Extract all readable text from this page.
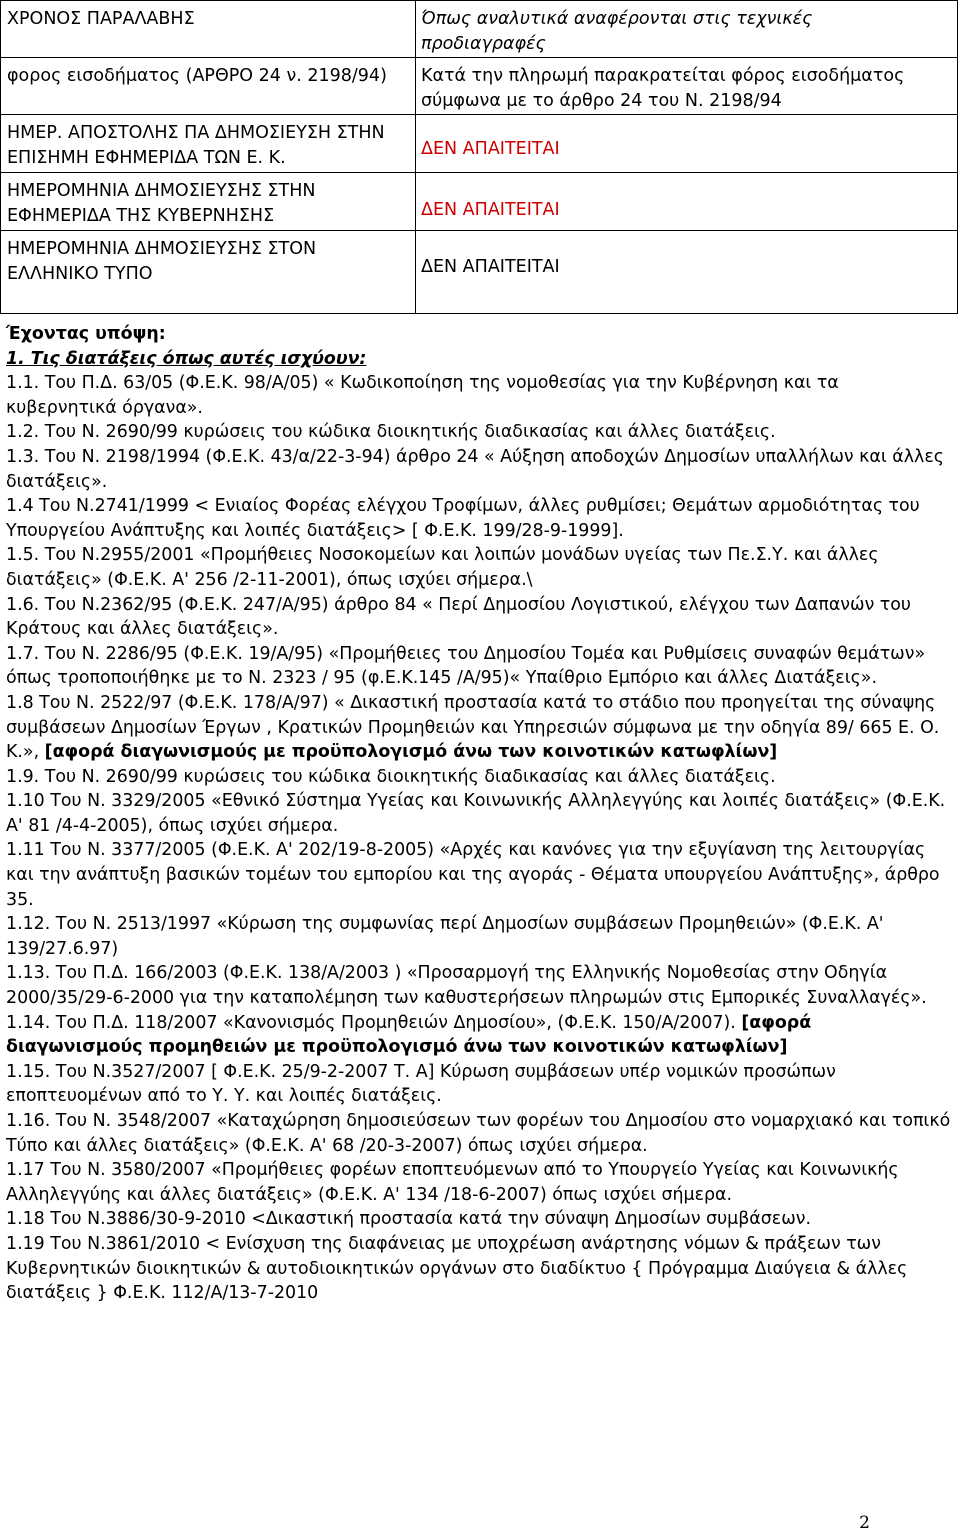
ΧΡΟΝΟΣ ΠΑΡΑΛΑΒΗΣ	Όπως αναλυτικά αναφέρονται στις τεχνικές
προδιαγραφές

φορος εισοδήματος (ΑΡΘΡΟ 24 ν. 2198/94)	Κατά την πληρωμή παρακρατείται φόρος εισοδήματος
σύμφωνα με το άρθρο 24 του Ν. 2198/94

ΗΜΕΡ. ΑΠΟΣΤΟΛΗΣ ΠΑ ΔΗΜΟΣΙΕΥΣΗ ΣΤΗΝ ΕΠΙΣΗΜΗ ΕΦΗΜΕΡΙΔΑ ΤΩΝ Ε. Κ.	ΔΕΝ ΑΠΑΙΤΕΙΤΑΙ

ΗΜΕΡΟΜΗΝΙΑ ΔΗΜΟΣΙΕΥΣΗΣ ΣΤΗΝ ΕΦΗΜΕΡΙΔΑ ΤΗΣ ΚΥΒΕΡΝΗΣΗΣ	ΔΕΝ ΑΠΑΙΤΕΙΤΑΙ

ΗΜΕΡΟΜΗΝΙΑ ΔΗΜΟΣΙΕΥΣΗΣ ΣΤΟΝ ΕΛΛΗΝΙΚΟ ΤΥΠΟ	ΔΕΝ ΑΠΑΙΤΕΙΤΑΙ

Έχοντας υπόψη:

1. Τις διατάξεις όπως αυτές ισχύουν:

1.1. Του Π.Δ. 63/05 (Φ.Ε.Κ. 98/Α/05) « Κωδικοποίηση της νομοθεσίας για την Κυβέρνηση και τα κυβερνητικά όργανα».

1.2. Του Ν. 2690/99 κυρώσεις του κώδικα διοικητικής διαδικασίας και άλλες διατάξεις.

1.3. Του Ν. 2198/1994 (Φ.Ε.Κ. 43/α/22-3-94) άρθρο 24 « Αύξηση αποδοχών Δημοσίων υπαλλήλων και άλλες διατάξεις».

1.4 Του Ν.2741/1999 < Ενιαίος Φορέας ελέγχου Τροφίμων, άλλες ρυθμίσει; Θεμάτων αρμοδιότητας του Υπουργείου Ανάπτυξης και λοιπές διατάξεις> [ Φ.Ε.Κ. 199/28-9-1999].

1.5. Του Ν.2955/2001 «Προμήθειες Νοσοκομείων και λοιπών μονάδων υγείας των Πε.Σ.Υ. και άλλες διατάξεις» (Φ.Ε.Κ. Α' 256 /2-11-2001), όπως ισχύει σήμερα.\

1.6. Του Ν.2362/95 (Φ.Ε.Κ. 247/Α/95) άρθρο 84 « Περί Δημοσίου Λογιστικού, ελέγχου των Δαπανών του Κράτους και άλλες διατάξεις».

1.7. Του Ν. 2286/95 (Φ.Ε.Κ. 19/Α/95) «Προμήθειες του Δημοσίου Τομέα και Ρυθμίσεις συναφών θεμάτων» όπως τροποποιήθηκε με το Ν. 2323 / 95 (φ.Ε.Κ.145 /Α/95)« Υπαίθριο Εμπόριο και άλλες Διατάξεις».

1.8 Του Ν. 2522/97 (Φ.Ε.Κ. 178/Α/97) « Δικαστική προστασία κατά το στάδιο που προηγείται της σύναψης συμβάσεων Δημοσίων Έργων , Κρατικών Προμηθειών και Υπηρεσιών σύμφωνα με την οδηγία 89/ 665 Ε. Ο. Κ.», [αφορά διαγωνισμούς με προϋπολογισμό άνω των κοινοτικών κατωφλίων]

1.9. Του Ν. 2690/99 κυρώσεις του κώδικα διοικητικής διαδικασίας και άλλες διατάξεις.

1.10 Του Ν. 3329/2005 «Εθνικό Σύστημα Υγείας και Κοινωνικής Αλληλεγγύης και λοιπές διατάξεις» (Φ.Ε.Κ. Α' 81 /4-4-2005), όπως ισχύει σήμερα.

1.11 Του Ν. 3377/2005 (Φ.Ε.Κ. Α' 202/19-8-2005) «Αρχές και κανόνες για την εξυγίανση της λειτουργίας και την ανάπτυξη βασικών τομέων του εμπορίου και της αγοράς - Θέματα υπουργείου Ανάπτυξης», άρθρο 35.

1.12. Του Ν. 2513/1997 «Κύρωση της συμφωνίας περί Δημοσίων συμβάσεων Προμηθειών» (Φ.Ε.Κ. Α' 139/27.6.97)

1.13. Του Π.Δ. 166/2003 (Φ.Ε.Κ. 138/Α/2003 ) «Προσαρμογή της Ελληνικής Νομοθεσίας στην Οδηγία 2000/35/29-6-2000 για την καταπολέμηση των καθυστερήσεων πληρωμών στις Εμπορικές Συναλλαγές».

1.14. Του Π.Δ. 118/2007 «Κανονισμός Προμηθειών Δημοσίου», (Φ.Ε.Κ. 150/Α/2007). [αφορά διαγωνισμούς προμηθειών με προϋπολογισμό άνω των κοινοτικών κατωφλίων]

1.15. Του Ν.3527/2007 [ Φ.Ε.Κ. 25/9-2-2007 Τ. Α] Κύρωση συμβάσεων υπέρ νομικών προσώπων εποπτευομένων από το Υ. Υ. και λοιπές διατάξεις.

1.16. Του Ν. 3548/2007 «Καταχώρηση δημοσιεύσεων των φορέων του Δημοσίου στο νομαρχιακό και τοπικό Τύπο και άλλες διατάξεις» (Φ.Ε.Κ. Α' 68 /20-3-2007) όπως ισχύει σήμερα.

1.17 Του Ν. 3580/2007 «Προμήθειες φορέων εποπτευόμενων από το Υπουργείο Υγείας και Κοινωνικής Αλληλεγγύης και άλλες διατάξεις» (Φ.Ε.Κ. Α' 134 /18-6-2007) όπως ισχύει σήμερα.

1.18 Του Ν.3886/30-9-2010 <Δικαστική προστασία κατά την σύναψη Δημοσίων συμβάσεων.

1.19 Του Ν.3861/2010 < Ενίσχυση της διαφάνειας με υποχρέωση ανάρτησης νόμων & πράξεων των Κυβερνητικών διοικητικών & αυτοδιοικητικών οργάνων στο διαδίκτυο { Πρόγραμμα Διαύγεια & άλλες διατάξεις } Φ.Ε.Κ. 112/Α/13-7-2010

2
